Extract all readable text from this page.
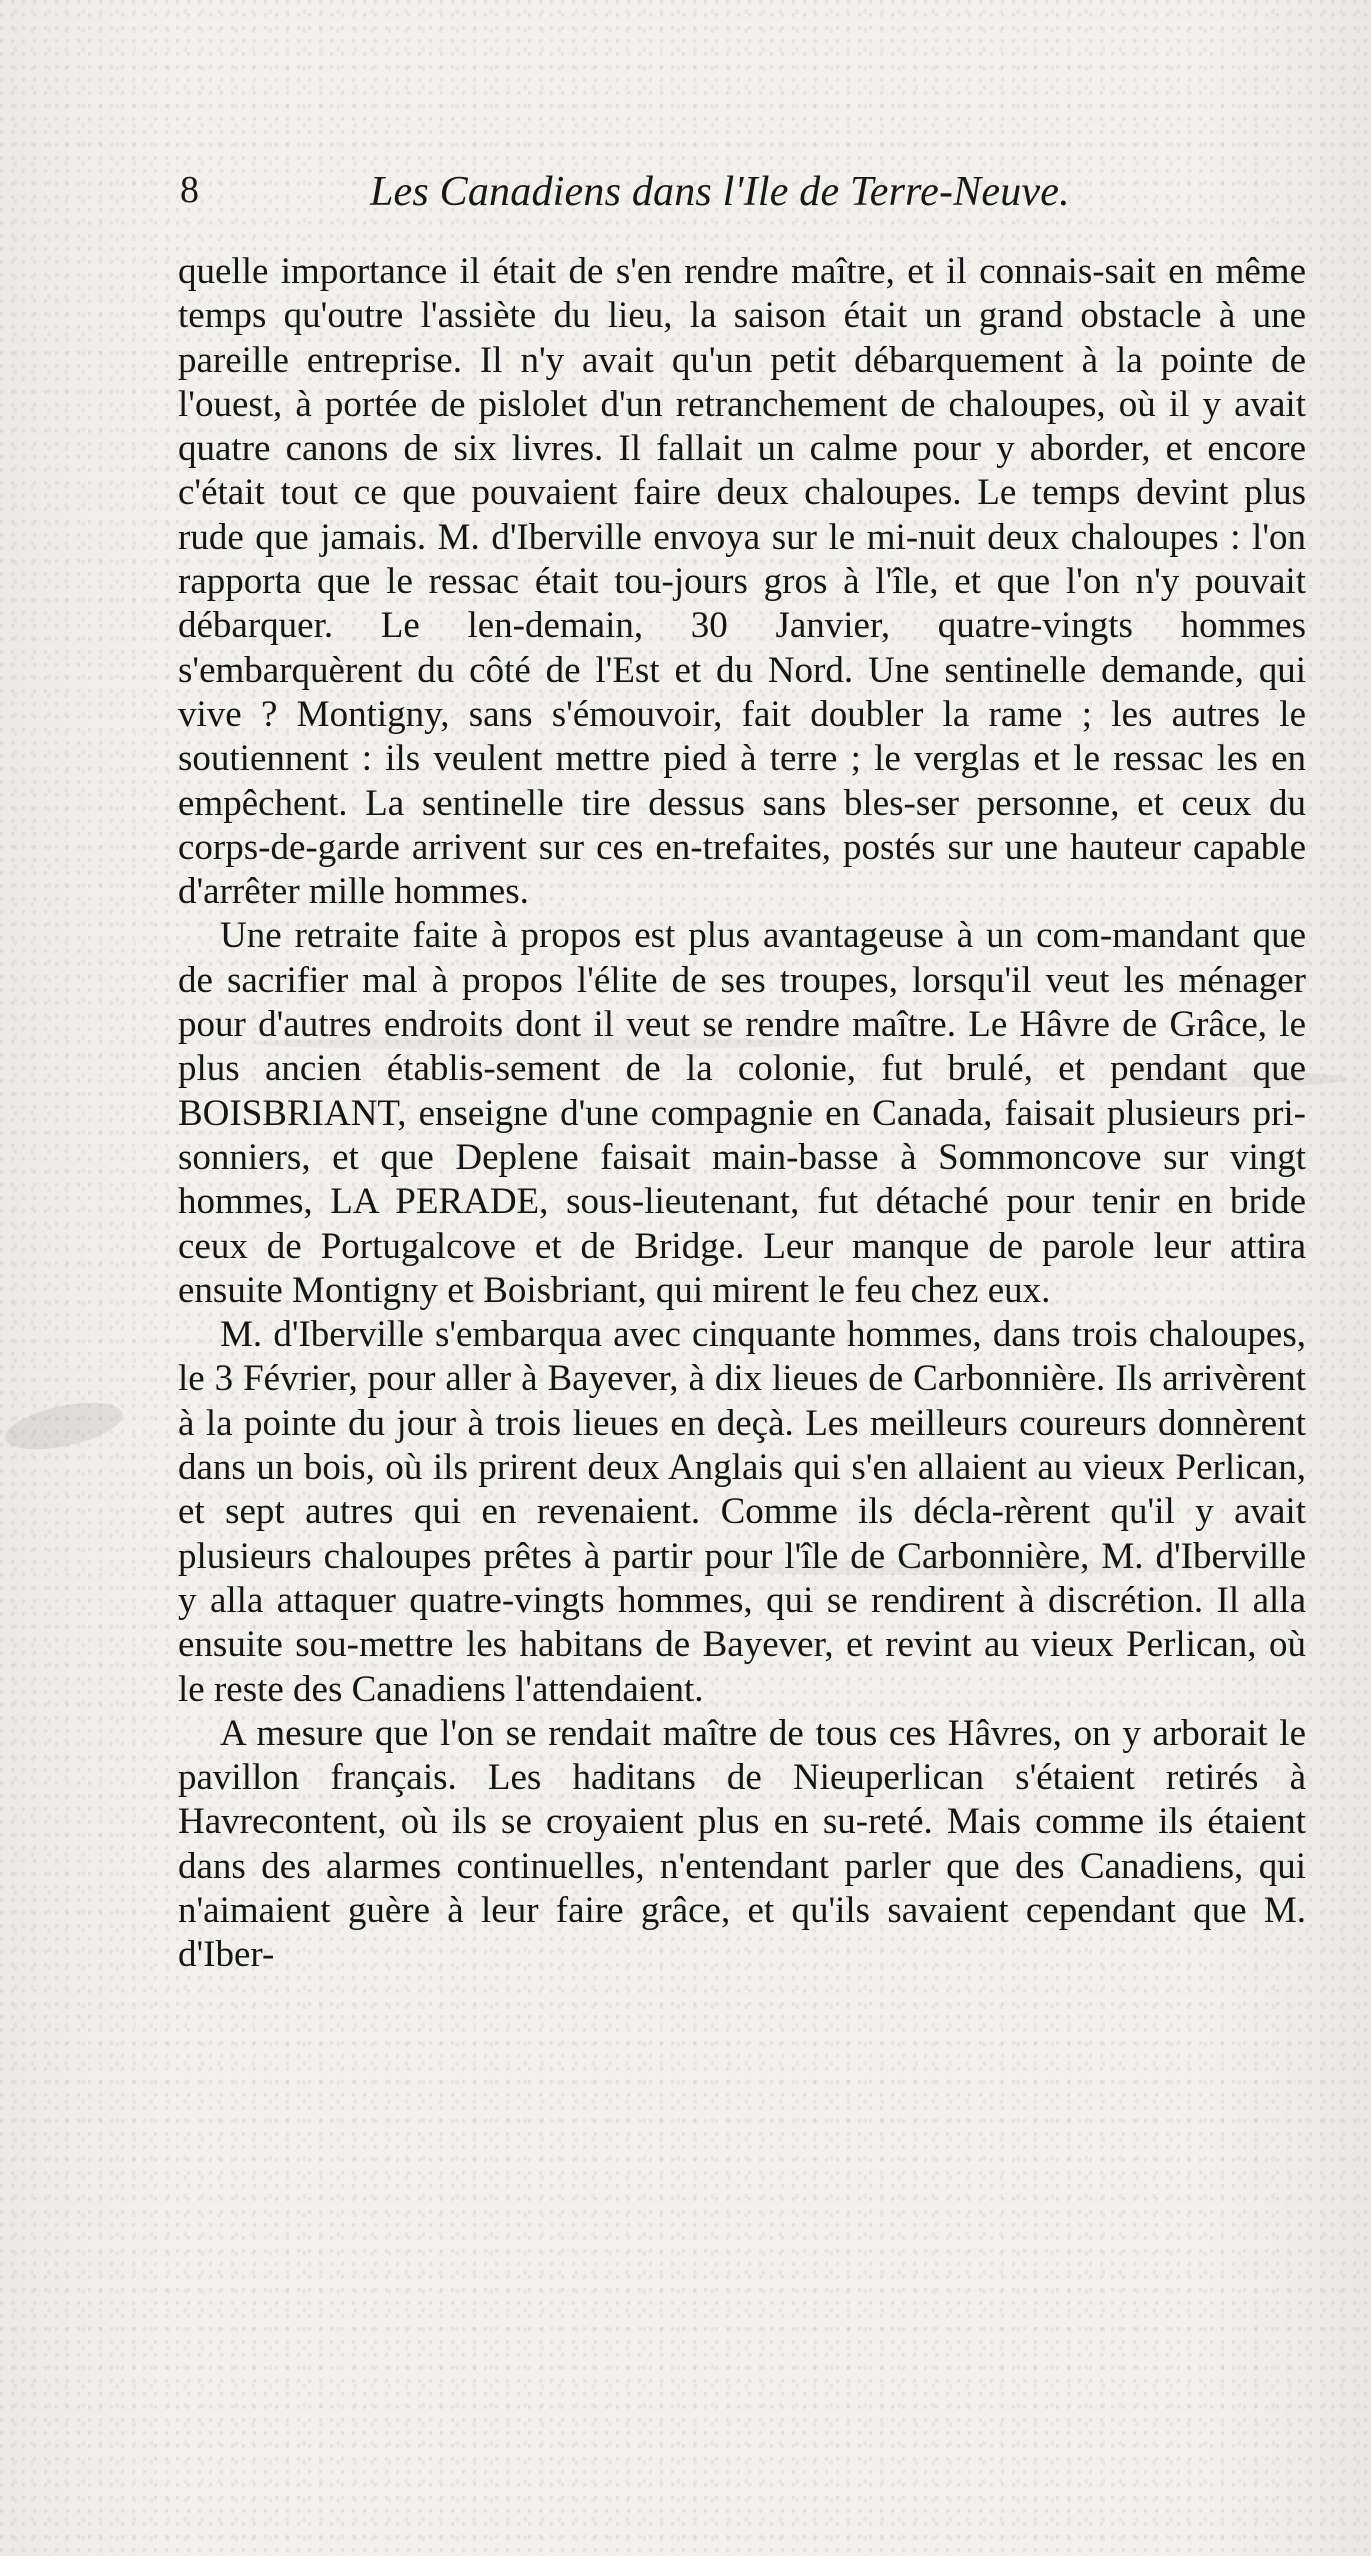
8	Les Canadiens dans l'Ile de Terre-Neuve.

quelle importance il était de s'en rendre maître, et il connais-sait en même temps qu'outre l'assiète du lieu, la saison était un grand obstacle à une pareille entreprise. Il n'y avait qu'un petit débarquement à la pointe de l'ouest, à portée de pislolet d'un retranchement de chaloupes, où il y avait quatre canons de six livres. Il fallait un calme pour y aborder, et encore c'était tout ce que pouvaient faire deux chaloupes. Le temps devint plus rude que jamais. M. d'Iberville envoya sur le mi-nuit deux chaloupes : l'on rapporta que le ressac était tou-jours gros à l'île, et que l'on n'y pouvait débarquer. Le len-demain, 30 Janvier, quatre-vingts hommes s'embarquèrent du côté de l'Est et du Nord. Une sentinelle demande, qui vive ? Montigny, sans s'émouvoir, fait doubler la rame ; les autres le soutiennent : ils veulent mettre pied à terre ; le verglas et le ressac les en empêchent. La sentinelle tire dessus sans bles-ser personne, et ceux du corps-de-garde arrivent sur ces en-trefaites, postés sur une hauteur capable d'arrêter mille hommes.

Une retraite faite à propos est plus avantageuse à un com-mandant que de sacrifier mal à propos l'élite de ses troupes, lorsqu'il veut les ménager pour d'autres endroits dont il veut se rendre maître. Le Hâvre de Grâce, le plus ancien établis-sement de la colonie, fut brulé, et pendant que BOISBRIANT, enseigne d'une compagnie en Canada, faisait plusieurs pri-sonniers, et que Deplene faisait main-basse à Sommoncove sur vingt hommes, LA PERADE, sous-lieutenant, fut détaché pour tenir en bride ceux de Portugalcove et de Bridge. Leur manque de parole leur attira ensuite Montigny et Boisbriant, qui mirent le feu chez eux.

M. d'Iberville s'embarqua avec cinquante hommes, dans trois chaloupes, le 3 Février, pour aller à Bayever, à dix lieues de Carbonnière. Ils arrivèrent à la pointe du jour à trois lieues en deçà. Les meilleurs coureurs donnèrent dans un bois, où ils prirent deux Anglais qui s'en allaient au vieux Perlican, et sept autres qui en revenaient. Comme ils décla-rèrent qu'il y avait plusieurs chaloupes prêtes à partir pour l'île de Carbonnière, M. d'Iberville y alla attaquer quatre-vingts hommes, qui se rendirent à discrétion. Il alla ensuite sou-mettre les habitans de Bayever, et revint au vieux Perlican, où le reste des Canadiens l'attendaient.

A mesure que l'on se rendait maître de tous ces Hâvres, on y arborait le pavillon français. Les haditans de Nieuperlican s'étaient retirés à Havrecontent, où ils se croyaient plus en su-reté. Mais comme ils étaient dans des alarmes continuelles, n'entendant parler que des Canadiens, qui n'aimaient guère à leur faire grâce, et qu'ils savaient cependant que M. d'Iber-
